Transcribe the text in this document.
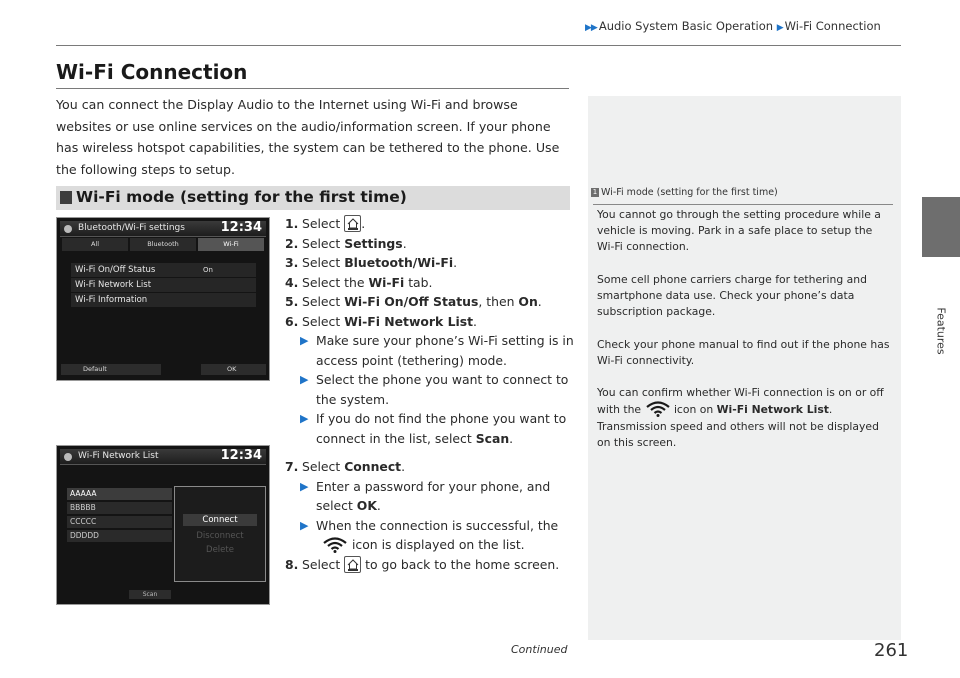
▶▶ Audio System Basic Operation ▶ Wi-Fi Connection
Features
Wi-Fi Connection
You can connect the Display Audio to the Internet using Wi-Fi and browse websites or use online services on the audio/information screen. If your phone has wireless hotspot capabilities, the system can be tethered to the phone. Use the following steps to setup.
Wi-Fi mode (setting for the first time)	1 Wi-Fi mode (setting for the first time)

You cannot go through the setting procedure while a vehicle is moving. Park in a safe place to setup the Wi-Fi connection.

Some cell phone carriers charge for tethering and smartphone data use. Check your phone’s data subscription package.

Check your phone manual to find out if the phone has Wi-Fi connectivity.

You can confirm whether Wi-Fi connection is on or off with the	icon on Wi-Fi Network List. Transmission speed and others will not be displayed on this screen.

1. Select .
2. Select Settings.
3. Select Bluetooth/Wi-Fi.
4. Select the Wi-Fi tab.
5. Select Wi-Fi On/Off Status, then On.
6. Select Wi-Fi Network List.
▶ Make sure your phone’s Wi-Fi setting is in access point (tethering) mode.
▶ Select the phone you want to connect to the system.
▶ If you do not find the phone you want to connect in the list, select Scan.
7. Select Connect.
▶ Enter a password for your phone, and select OK.
▶ When the connection is successful, the
icon is displayed on the list.
8. Select to go back to the home screen.
Bluetooth/Wi-Fi settings	12:34
All	Bluetooth	Wi-Fi
Wi-Fi On/Off Status	On
Wi-Fi Network List
Wi-Fi Information
Default	OK
Wi-Fi Network List	12:34
AAAAA
BBBBB
CCCCC
DDDDD
Connect
Disconnect
Delete
Scan
Continued	261
